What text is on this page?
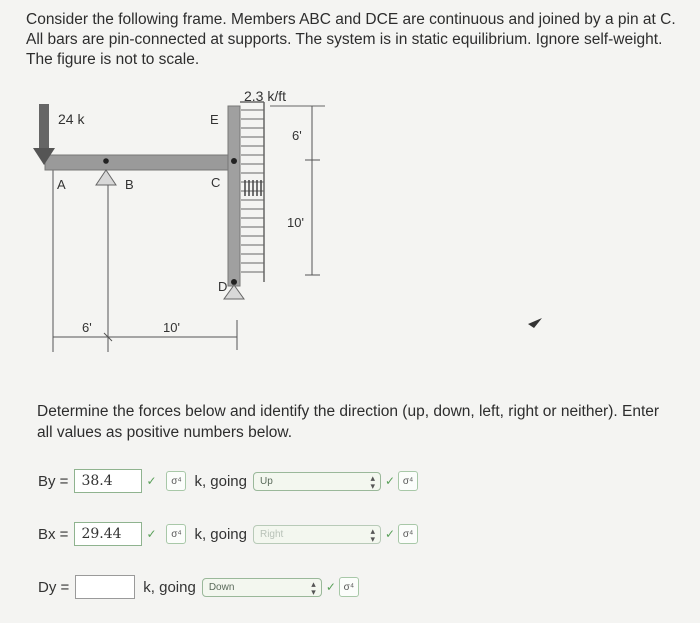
Consider the following frame. Members ABC and DCE are continuous and joined by a pin at C.

All bars are pin-connected at supports. The system is in static equilibrium. Ignore self-weight.

The figure is not to scale.

6'	10'
24 k
2.3 k/ft
6'
10'
A	B	C
D
E

Determine the forces below and identify the direction (up, down, left, right or neither). Enter

all values as positive numbers below.

By = 38.4	✓	σ⁴ k, going Up	▴
▾ ✓ σ⁴
Bx = 29.44	✓	σ⁴ k, going Right	▴
▾ ✓ σ⁴
Dy =	k, going Down	▴
▾ ✓ σ⁴
